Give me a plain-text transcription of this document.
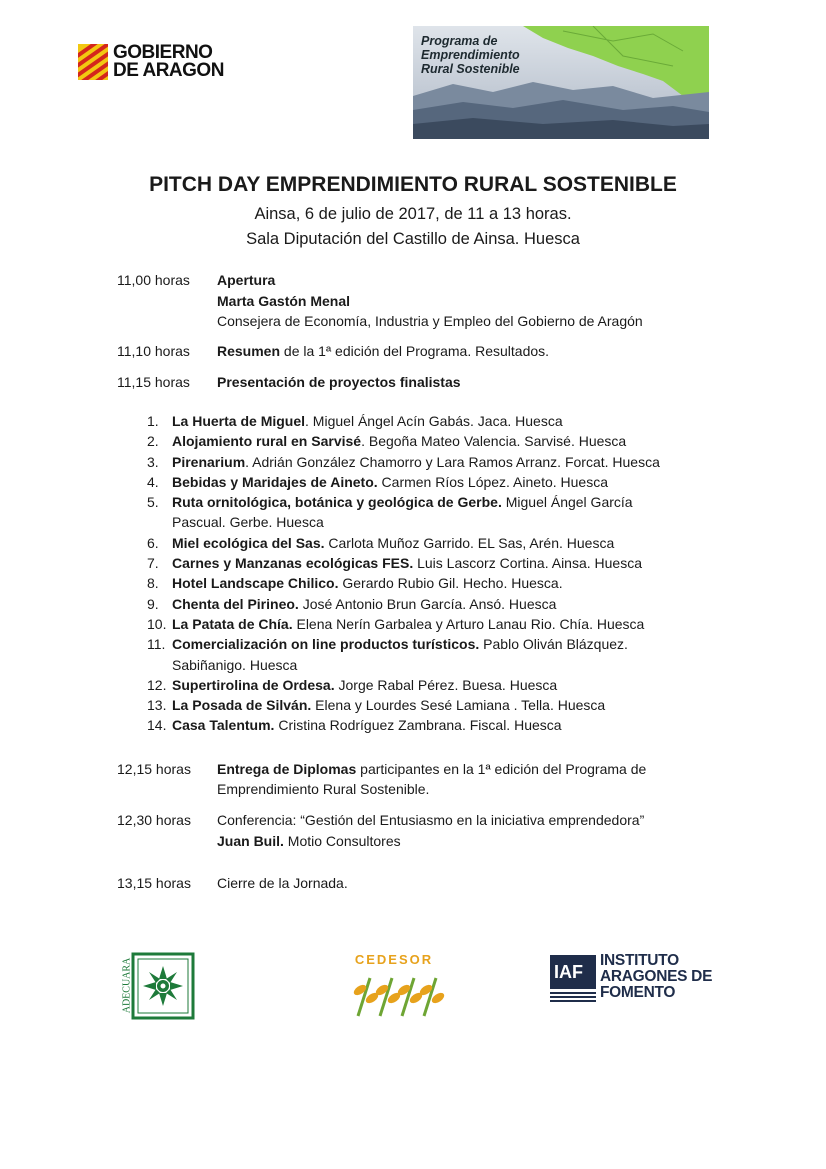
GOBIERNO
DE ARAGON
Programa de
Emprendimiento
Rural Sostenible
PITCH DAY EMPRENDIMIENTO RURAL SOSTENIBLE
Ainsa, 6 de julio de 2017, de 11 a 13 horas.
Sala Diputación del Castillo de Ainsa. Huesca
11,00 horas Apertura
Marta Gastón Menal
Consejera de Economía, Industria y Empleo del Gobierno de Aragón
11,10 horas Resumen de la 1ª edición del Programa. Resultados.
11,15 horas Presentación de proyectos finalistas
1. La Huerta de Miguel. Miguel Ángel Acín Gabás. Jaca. Huesca
2. Alojamiento rural en Sarvisé. Begoña Mateo Valencia. Sarvisé. Huesca
3. Pirenarium. Adrián González Chamorro y Lara Ramos Arranz. Forcat. Huesca
4. Bebidas y Maridajes de Aineto. Carmen Ríos López. Aineto. Huesca
5. Ruta ornitológica, botánica y geológica de Gerbe. Miguel Ángel García
Pascual. Gerbe. Huesca
6. Miel ecológica del Sas. Carlota Muñoz Garrido. EL Sas, Arén. Huesca
7. Carnes y Manzanas ecológicas FES. Luis Lascorz Cortina. Ainsa. Huesca
8. Hotel Landscape Chilico. Gerardo Rubio Gil. Hecho. Huesca.
9. Chenta del Pirineo. José Antonio Brun García. Ansó. Huesca
10. La Patata de Chía. Elena Nerín Garbalea y Arturo Lanau Rio. Chía. Huesca
11. Comercialización on line productos turísticos. Pablo Oliván Blázquez.
Sabiñanigo. Huesca
12. Supertirolina de Ordesa. Jorge Rabal Pérez. Buesa. Huesca
13. La Posada de Silván. Elena y Lourdes Sesé Lamiana . Tella. Huesca
14. Casa Talentum. Cristina Rodríguez Zambrana. Fiscal. Huesca
12,15 horas Entrega de Diplomas participantes en la 1ª edición del Programa de
Emprendimiento Rural Sostenible.
12,30 horas Conferencia: “Gestión del Entusiasmo en la iniciativa emprendedora”
Juan Buil. Motio Consultores
13,15 horas Cierre de la Jornada.
ADECUARA	CEDESOR
IAF
INSTITUTO
ARAGONES DE
FOMENTO
